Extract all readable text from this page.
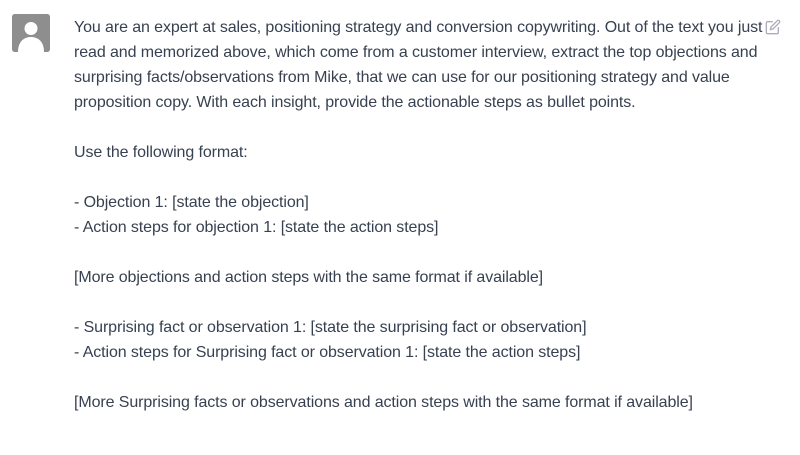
You are an expert at sales, positioning strategy and conversion copywriting. Out of the text you just read and memorized above, which come from a customer interview, extract the top objections and surprising facts/observations from Mike, that we can use for our positioning strategy and value proposition copy. With each insight, provide the actionable steps as bullet points.

Use the following format:

- Objection 1: [state the objection]
- Action steps for objection 1: [state the action steps]

[More objections and action steps with the same format if available]

- Surprising fact or observation 1: [state the surprising fact or observation]
- Action steps for Surprising fact or observation 1: [state the action steps]

[More Surprising facts or observations and action steps with the same format if available]
